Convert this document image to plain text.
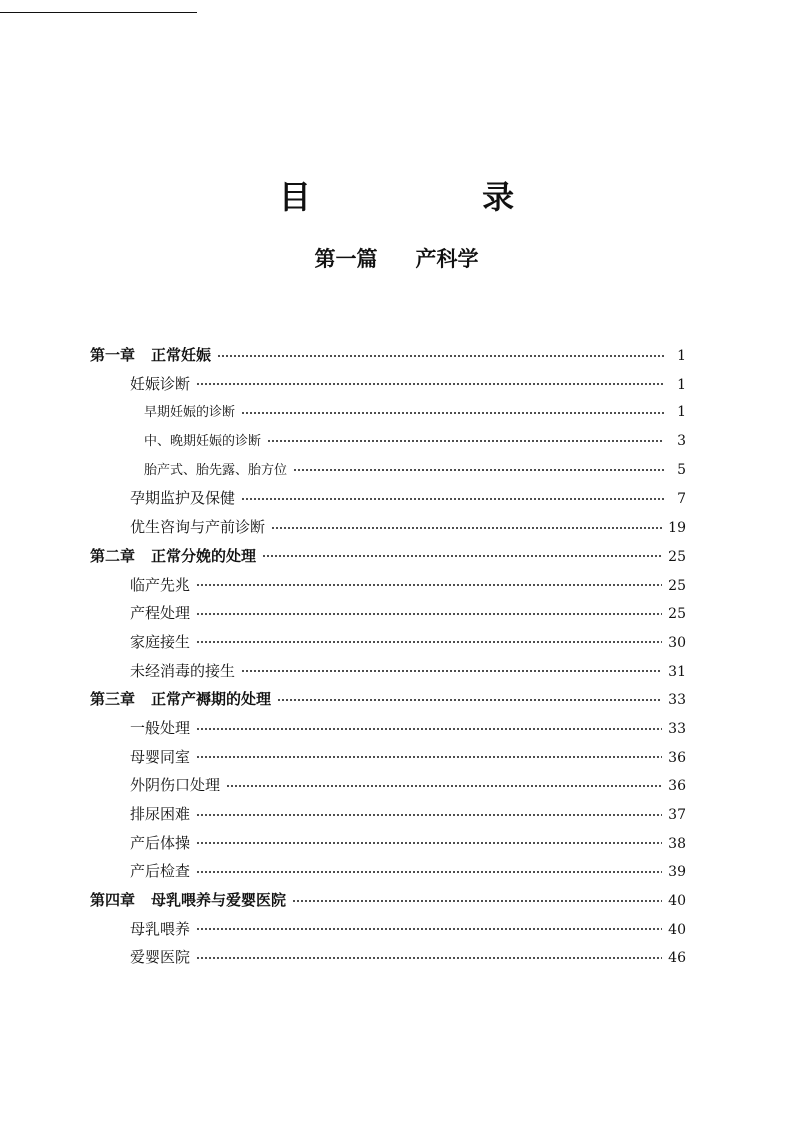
目 录
第一篇 产科学
第一章 正常妊娠	1
妊娠诊断	1
早期妊娠的诊断	1
中、晚期妊娠的诊断	3
胎产式、胎先露、胎方位	5
孕期监护及保健	7
优生咨询与产前诊断	19
第二章 正常分娩的处理	25
临产先兆	25
产程处理	25
家庭接生	30
未经消毒的接生	31
第三章 正常产褥期的处理	33
一般处理	33
母婴同室	36
外阴伤口处理	36
排尿困难	37
产后体操	38
产后检查	39
第四章 母乳喂养与爱婴医院	40
母乳喂养	40
爱婴医院	46
